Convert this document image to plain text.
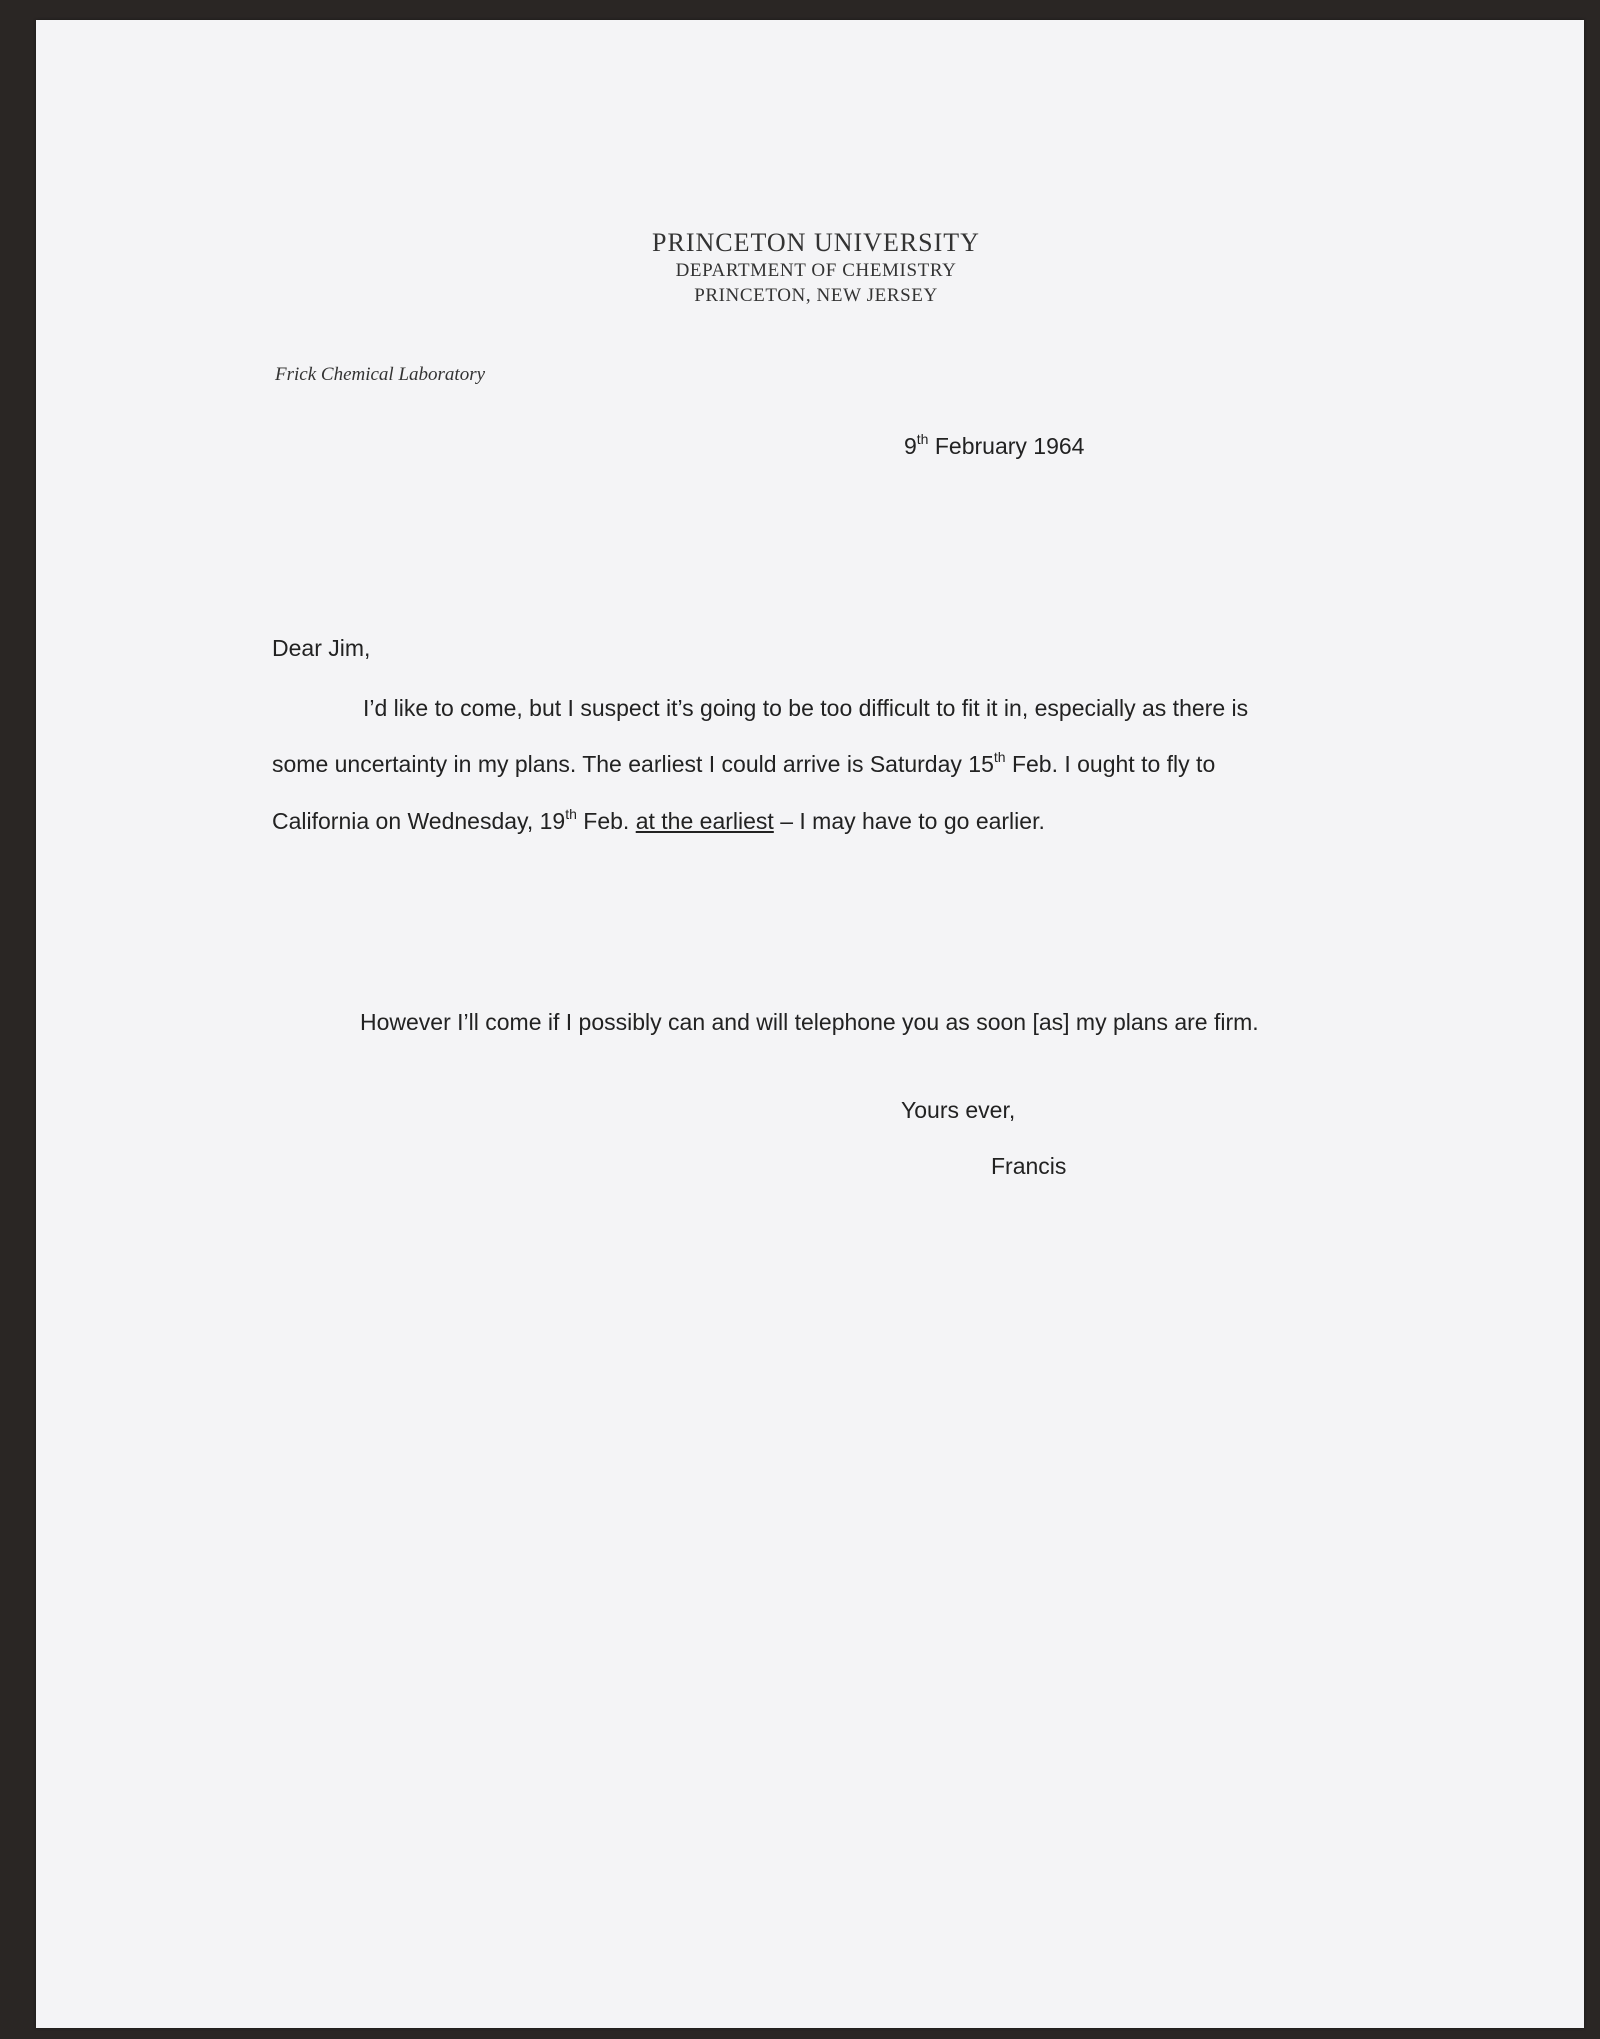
PRINCETON UNIVERSITY
DEPARTMENT OF CHEMISTRY
PRINCETON, NEW JERSEY
Frick Chemical Laboratory
9th February 1964
Dear Jim,
I’d like to come, but I suspect it’s going to be too difficult to fit it in, especially as there is
some uncertainty in my plans. The earliest I could arrive is Saturday 15th Feb. I ought to fly to
California on Wednesday, 19th Feb. at the earliest – I may have to go earlier.
However I’ll come if I possibly can and will telephone you as soon [as] my plans are firm.
Yours ever,
Francis
